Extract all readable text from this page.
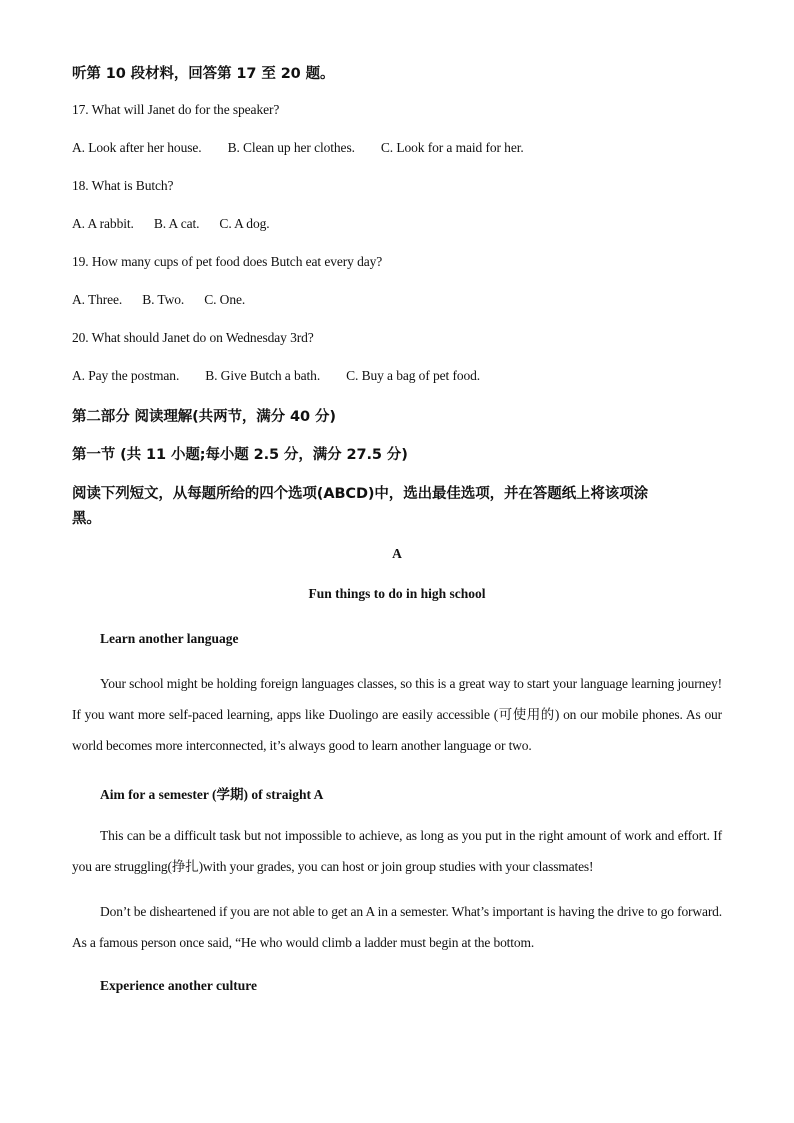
听第 10 段材料，回答第 17 至 20 题。
17. What will Janet do for the speaker?
A. Look after her house. B. Clean up her clothes. C. Look for a maid for her.
18. What is Butch?
A. A rabbit. B. A cat. C. A dog.
19. How many cups of pet food does Butch eat every day?
A. Three. B. Two. C. One.
20. What should Janet do on Wednesday 3rd?
A. Pay the postman. B. Give Butch a bath. C. Buy a bag of pet food.
第二部分 阅读理解(共两节，满分 40 分)
第一节 (共 11 小题;每小题 2.5 分，满分 27.5 分)
阅读下列短文，从每题所给的四个选项(ABCD)中，选出最佳选项，并在答题纸上将该项涂
黑。
A
Fun things to do in high school
Learn another language
Your school might be holding foreign languages classes, so this is a great way to start your language learning journey! If you want more self-paced learning, apps like Duolingo are easily accessible (可使用的) on our mobile phones. As our world becomes more interconnected, it’s always good to learn another language or two.
Aim for a semester (学期) of straight A
This can be a difficult task but not impossible to achieve, as long as you put in the right amount of work and effort. If you are struggling(挣扎)with your grades, you can host or join group studies with your classmates!
Don’t be disheartened if you are not able to get an A in a semester. What’s important is having the drive to go forward. As a famous person once said, “He who would climb a ladder must begin at the bottom.
Experience another culture
